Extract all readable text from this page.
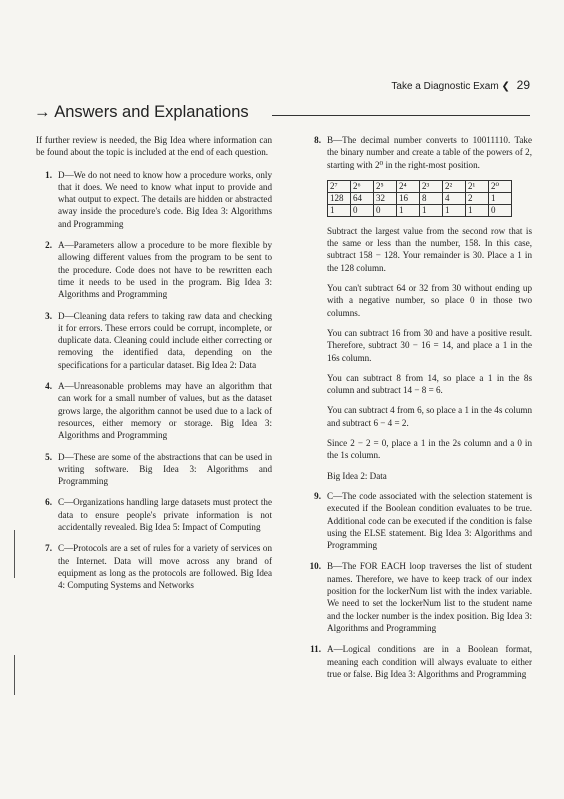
Take a Diagnostic Exam ❮ 29
→ Answers and Explanations

If further review is needed, the Big Idea where information can be found about the topic is included at the end of each question.

1. D—We do not need to know how a procedure works, only that it does. We need to know what input to provide and what output to expect. The details are hidden or abstracted away inside the procedure's code. Big Idea 3: Algorithms and Programming
2. A—Parameters allow a procedure to be more flexible by allowing different values from the program to be sent to the procedure. Code does not have to be rewritten each time it needs to be used in the program. Big Idea 3: Algorithms and Programming
3. D—Cleaning data refers to taking raw data and checking it for errors. These errors could be corrupt, incomplete, or duplicate data. Cleaning could include either correcting or removing the identified data, depending on the specifications for a particular dataset. Big Idea 2: Data
4. A—Unreasonable problems may have an algorithm that can work for a small number of values, but as the dataset grows large, the algorithm cannot be used due to a lack of resources, either memory or storage. Big Idea 3: Algorithms and Programming
5. D—These are some of the abstractions that can be used in writing software. Big Idea 3: Algorithms and Programming
6. C—Organizations handling large datasets must protect the data to ensure people's private information is not accidentally revealed. Big Idea 5: Impact of Computing
7. C—Protocols are a set of rules for a variety of services on the Internet. Data will move across any brand of equipment as long as the protocols are followed. Big Idea 4: Computing Systems and Networks
8. B—The decimal number converts to 10011110. Take the binary number and create a table of the powers of 2, starting with 2⁰ in the right-most position.
2⁷	2⁶	2⁵	2⁴	2³	2²	2¹	2⁰
128	64	32	16	8	4	2	1
1	0	0	1	1	1	1	0
Subtract the largest value from the second row that is the same or less than the number, 158. In this case, subtract 158 − 128. Your remainder is 30. Place a 1 in the 128 column.
You can't subtract 64 or 32 from 30 without ending up with a negative number, so place 0 in those two columns.
You can subtract 16 from 30 and have a positive result. Therefore, subtract 30 − 16 = 14, and place a 1 in the 16s column.
You can subtract 8 from 14, so place a 1 in the 8s column and subtract 14 − 8 = 6.
You can subtract 4 from 6, so place a 1 in the 4s column and subtract 6 − 4 = 2.
Since 2 − 2 = 0, place a 1 in the 2s column and a 0 in the 1s column.
Big Idea 2: Data
9. C—The code associated with the selection statement is executed if the Boolean condition evaluates to be true. Additional code can be executed if the condition is false using the ELSE statement. Big Idea 3: Algorithms and Programming
10. B—The FOR EACH loop traverses the list of student names. Therefore, we have to keep track of our index position for the lockerNum list with the index variable. We need to set the lockerNum list to the student name and the locker number is the index position. Big Idea 3: Algorithms and Programming
11. A—Logical conditions are in a Boolean format, meaning each condition will always evaluate to either true or false. Big Idea 3: Algorithms and Programming
